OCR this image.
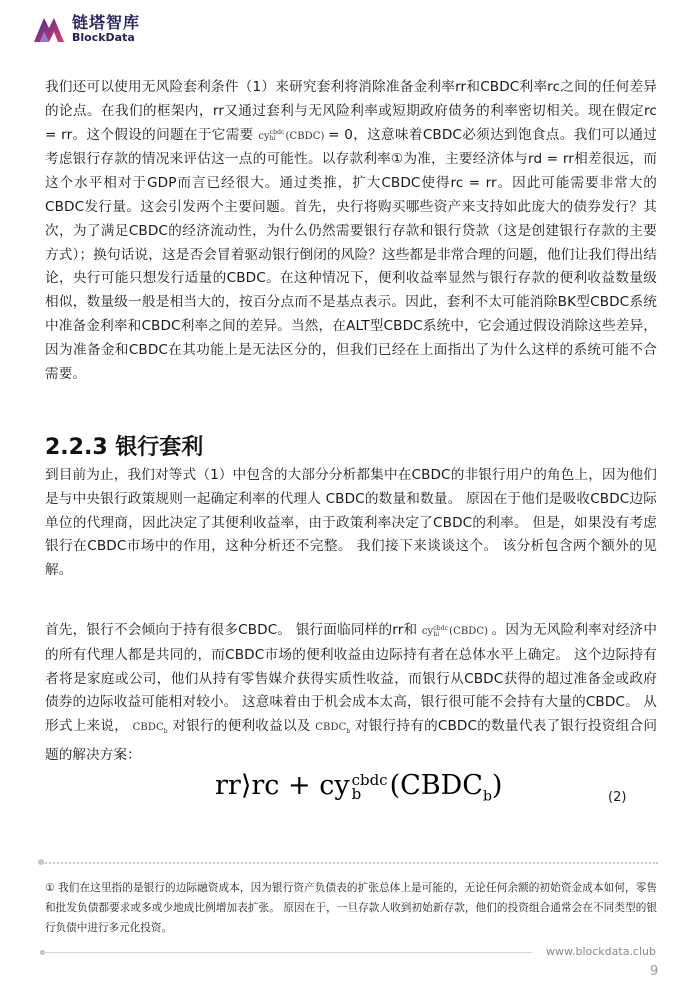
链塔智库
BlockData
我们还可以使用无风险套利条件（1）来研究套利将消除准备金利率rr和CBDC利率rc之间的任何差异的论点。在我们的框架内，rr又通过套利与无风险利率或短期政府债务的利率密切相关。现在假定rc = rr。这个假设的问题在于它需要 cy cbdc
hi (CBDC) = 0，这意味着CBDC必须达到饱食点。我们可以通过考虑银行存款的情况来评估这一点的可能性。以存款利率①为准，主要经济体与rd = rr相差很远，而这个水平相对于GDP而言已经很大。通过类推，扩大CBDC使得rc = rr。因此可能需要非常大的CBDC发行量。这会引发两个主要问题。首先，央行将购买哪些资产来支持如此庞大的债券发行？其次，为了满足CBDC的经济流动性，为什么仍然需要银行存款和银行贷款（这是创建银行存款的主要方式）；换句话说，这是否会冒着驱动银行倒闭的风险？这些都是非常合理的问题，他们让我们得出结论，央行可能只想发行适量的CBDC。在这种情况下，便利收益率显然与银行存款的便利收益数量级相似，数量级一般是相当大的，按百分点而不是基点表示。因此，套利不太可能消除BK型CBDC系统中准备金利率和CBDC利率之间的差异。当然，在ALT型CBDC系统中，它会通过假设消除这些差异，因为准备金和CBDC在其功能上是无法区分的，但我们已经在上面指出了为什么这样的系统可能不合需要。
2.2.3 银行套利
到目前为止，我们对等式（1）中包含的大部分分析都集中在CBDC的非银行用户的角色上，因为他们是与中央银行政策规则一起确定利率的代理人 CBDC的数量和数量。 原因在于他们是吸收CBDC边际单位的代理商，因此决定了其便利收益率，由于政策利率决定了CBDC的利率。 但是，如果没有考虑银行在CBDC市场中的作用，这种分析还不完整。 我们接下来谈谈这个。 该分析包含两个额外的见解。
首先，银行不会倾向于持有很多CBDC。 银行面临同样的rr和 cy cbdc
hi (CBDC) 。因为无风险利率对经济中的所有代理人都是共同的，而CBDC市场的便利收益由边际持有者在总体水平上确定。 这个边际持有者将是家庭或公司，他们从持有零售媒介获得实质性收益，而银行从CBDC获得的超过准备金或政府债券的边际收益可能相对较小。 这意味着由于机会成本太高，银行很可能不会持有大量的CBDC。 从形式上来说， $CBDC_b$ 对银行的便利收益以及 $CBDC_b$ 对银行持有的CBDC的数量代表了银行投资组合问题的解决方案：
rr⟩rc + cy cbdc
b	$(CBDC_b)$	(2)
① 我们在这里指的是银行的边际融资成本，因为银行资产负债表的扩张总体上是可能的，无论任何余额的初始资金成本如何，零售和批发负债都要求或多或少地成比例增加表扩张。 原因在于，一旦存款人收到初始新存款，他们的投资组合通常会在不同类型的银行负债中进行多元化投资。
www.blockdata.club
9
